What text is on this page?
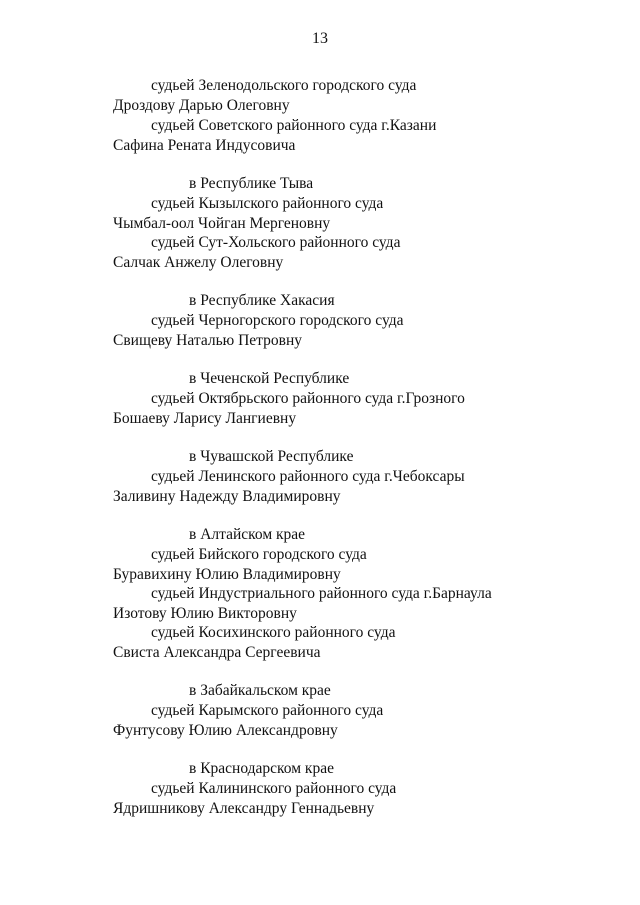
13
судьей Зеленодольского городского суда
Дроздову Дарью Олеговну
судьей Советского районного суда г.Казани
Сафина Рената Индусовича
в Республике Тыва
судьей Кызылского районного суда
Чымбал-оол Чойган Мергеновну
судьей Сут-Хольского районного суда
Салчак Анжелу Олеговну
в Республике Хакасия
судьей Черногорского городского суда
Свищеву Наталью Петровну
в Чеченской Республике
судьей Октябрьского районного суда г.Грозного
Бошаеву Ларису Лангиевну
в Чувашской Республике
судьей Ленинского районного суда г.Чебоксары
Заливину Надежду Владимировну
в Алтайском крае
судьей Бийского городского суда
Буравихину Юлию Владимировну
судьей Индустриального районного суда г.Барнаула
Изотову Юлию Викторовну
судьей Косихинского районного суда
Свиста Александра Сергеевича
в Забайкальском крае
судьей Карымского районного суда
Фунтусову Юлию Александровну
в Краснодарском крае
судьей Калининского районного суда
Ядришникову Александру Геннадьевну
